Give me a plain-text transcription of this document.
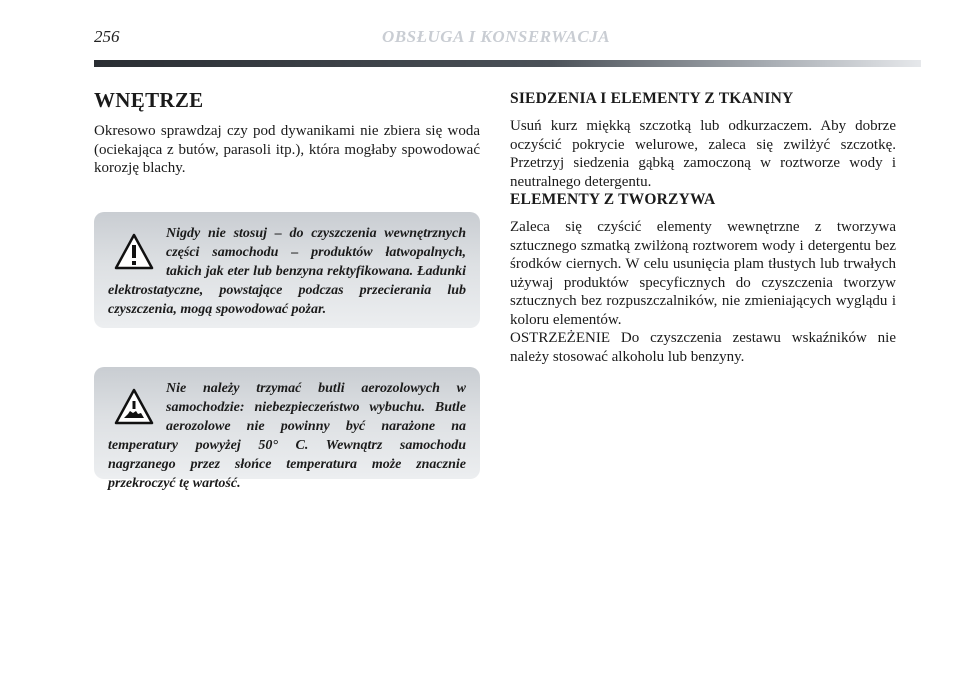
256	OBSŁUGA I KONSERWACJA
WNĘTRZE

Okresowo sprawdzaj czy pod dywanikami nie zbiera się woda (ociekająca z butów, parasoli itp.), która mogłaby spowodować korozję blachy.

Nigdy nie stosuj – do czyszczenia wewnętrznych części samochodu – produktów łatwopalnych, takich jak eter lub benzyna rektyfikowana. Ładunki elektrostatyczne, powstające podczas przecierania lub czyszczenia, mogą spowodować pożar.

Nie należy trzymać butli aerozolowych w samochodzie: niebezpieczeństwo wybuchu. Butle aerozolowe nie powinny być narażone na temperatury powyżej 50° C. Wewnątrz samochodu nagrzanego przez słońce temperatura może znacznie przekroczyć tę wartość.

SIEDZENIA I ELEMENTY Z TKANINY

Usuń kurz miękką szczotką lub odkurzaczem. Aby dobrze oczyścić pokrycie welurowe, zaleca się zwilżyć szczotkę. Przetrzyj siedzenia gąbką zamoczoną w roztworze wody i neutralnego detergentu.

ELEMENTY Z TWORZYWA

Zaleca się czyścić elementy wewnętrzne z tworzywa sztucznego szmatką zwilżoną roztworem wody i detergentu bez środków ciernych. W celu usunięcia plam tłustych lub trwałych używaj produktów specyficznych do czyszczenia tworzyw sztucznych bez rozpuszczalników, nie zmieniających wyglądu i koloru elementów.

OSTRZEŻENIE Do czyszczenia zestawu wskaźników nie należy stosować alkoholu lub benzyny.
